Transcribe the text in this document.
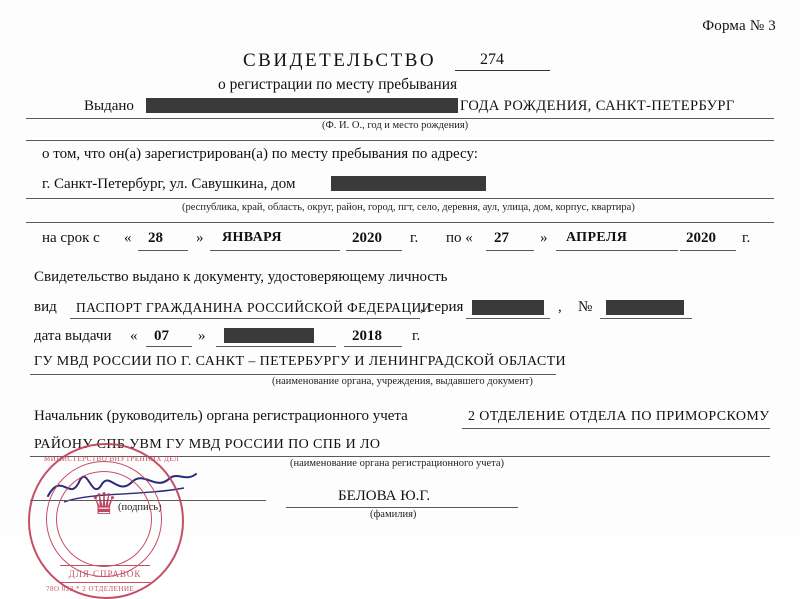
Форма № 3
СВИДЕТЕЛЬСТВО	274
о регистрации по месту пребывания
Выдано	ГОДА РОЖДЕНИЯ, САНКТ-ПЕТЕРБУРГ
(Ф. И. О., год и место рождения)
о том, что он(а) зарегистрирован(а) по месту пребывания по адресу:
г. Санкт-Петербург, ул. Савушкина, дом
(республика, край, область, округ, район, город, пгт, село, деревня, аул, улица, дом, корпус, квартира)
на срок с « 28 » ЯНВАРЯ	2020 г. по « 27 » АПРЕЛЯ	2020 г.
Свидетельство выдано к документу, удостоверяющему личность
вид ПАСПОРТ ГРАЖДАНИНА РОССИЙСКОЙ ФЕДЕРАЦИИ
, серия	, №
дата выдачи « 07 »	2018 г.
ГУ МВД РОССИИ ПО Г. САНКТ – ПЕТЕРБУРГУ И ЛЕНИНГРАДСКОЙ ОБЛАСТИ
(наименование органа, учреждения, выдавшего документ)
Начальник (руководитель) органа регистрационного учета	2 ОТДЕЛЕНИЕ ОТДЕЛА ПО ПРИМОРСКОМУ
РАЙОНУ СПБ УВМ ГУ МВД РОССИИ ПО СПБ И ЛО
(наименование органа регистрационного учета)
(подпись)
БЕЛОВА Ю.Г.
(фамилия)
♛
МИНИСТЕРСТВО ВНУТРЕННИХ ДЕЛ
ДЛЯ СПРАВОК
78О 023 * 2 ОТДЕЛЕНИЕ
